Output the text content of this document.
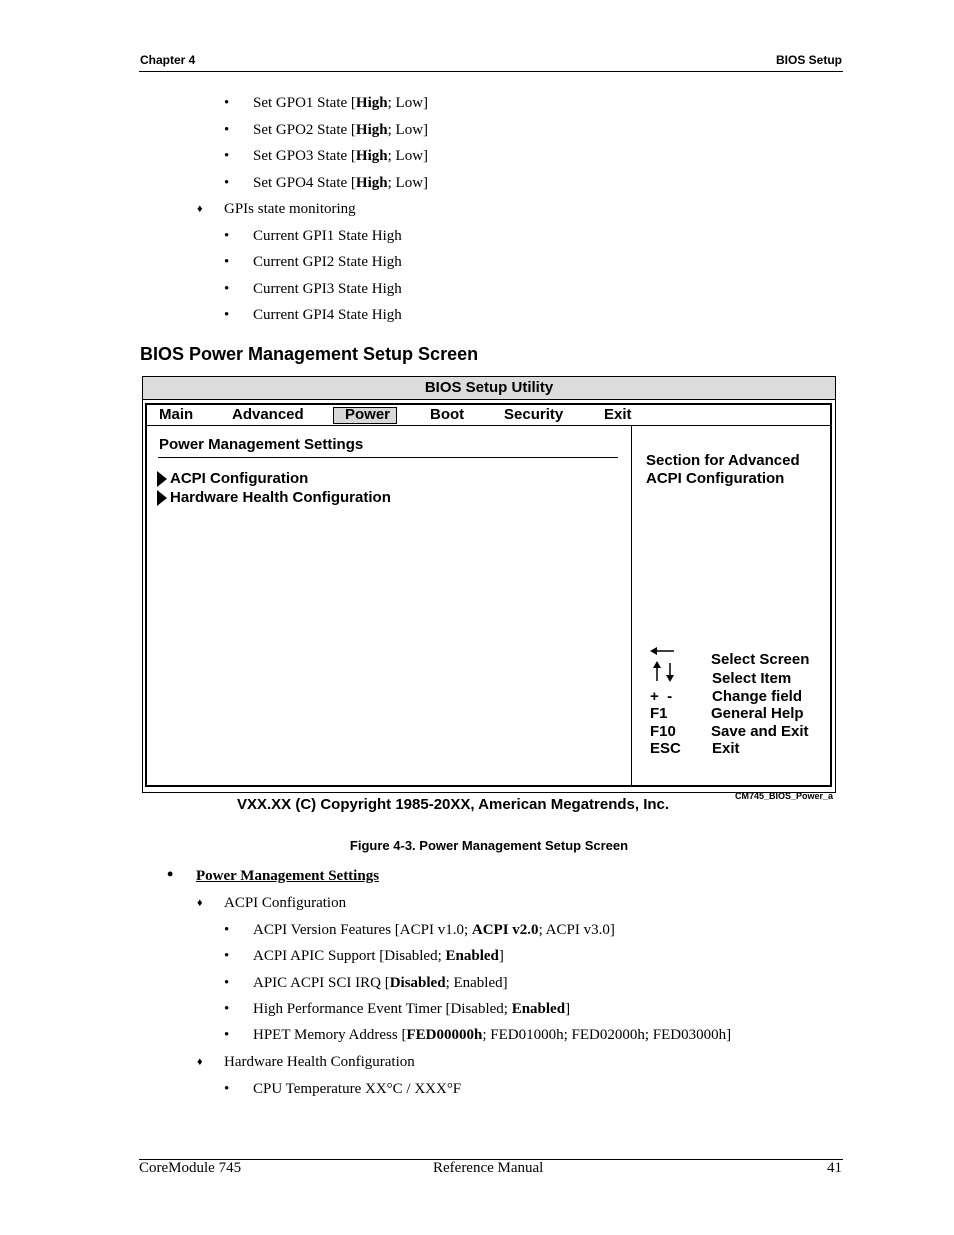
Chapter 4	BIOS Setup
• Set GPO1 State [High; Low]
• Set GPO2 State [High; Low]
• Set GPO3 State [High; Low]
• Set GPO4 State [High; Low]
♦ GPIs state monitoring
• Current GPI1 State High
• Current GPI2 State High
• Current GPI3 State High
• Current GPI4 State High
BIOS Power Management Setup Screen
BIOS Setup Utility
Main	Advanced	Power	Boot	Security	Exit
Power Management Settings
ACPI Configuration
Hardware Health Configuration
Section for Advanced
ACPI Configuration
Select Screen
Select Item
+  -	Change field
F1	General Help
F10 Save and Exit
ESC Exit
VXX.XX (C) Copyright 1985-20XX, American Megatrends, Inc.	CM745_BIOS_Power_a
Figure 4-3. Power Management Setup Screen
• Power Management Settings
♦ ACPI Configuration
• ACPI Version Features [ACPI v1.0; ACPI v2.0; ACPI v3.0]
• ACPI APIC Support [Disabled; Enabled]
• APIC ACPI SCI IRQ [Disabled; Enabled]
• High Performance Event Timer [Disabled; Enabled]
• HPET Memory Address [FED00000h; FED01000h; FED02000h; FED03000h]
♦ Hardware Health Configuration
• CPU Temperature XX°C / XXX°F
CoreModule 745	Reference Manual	41
